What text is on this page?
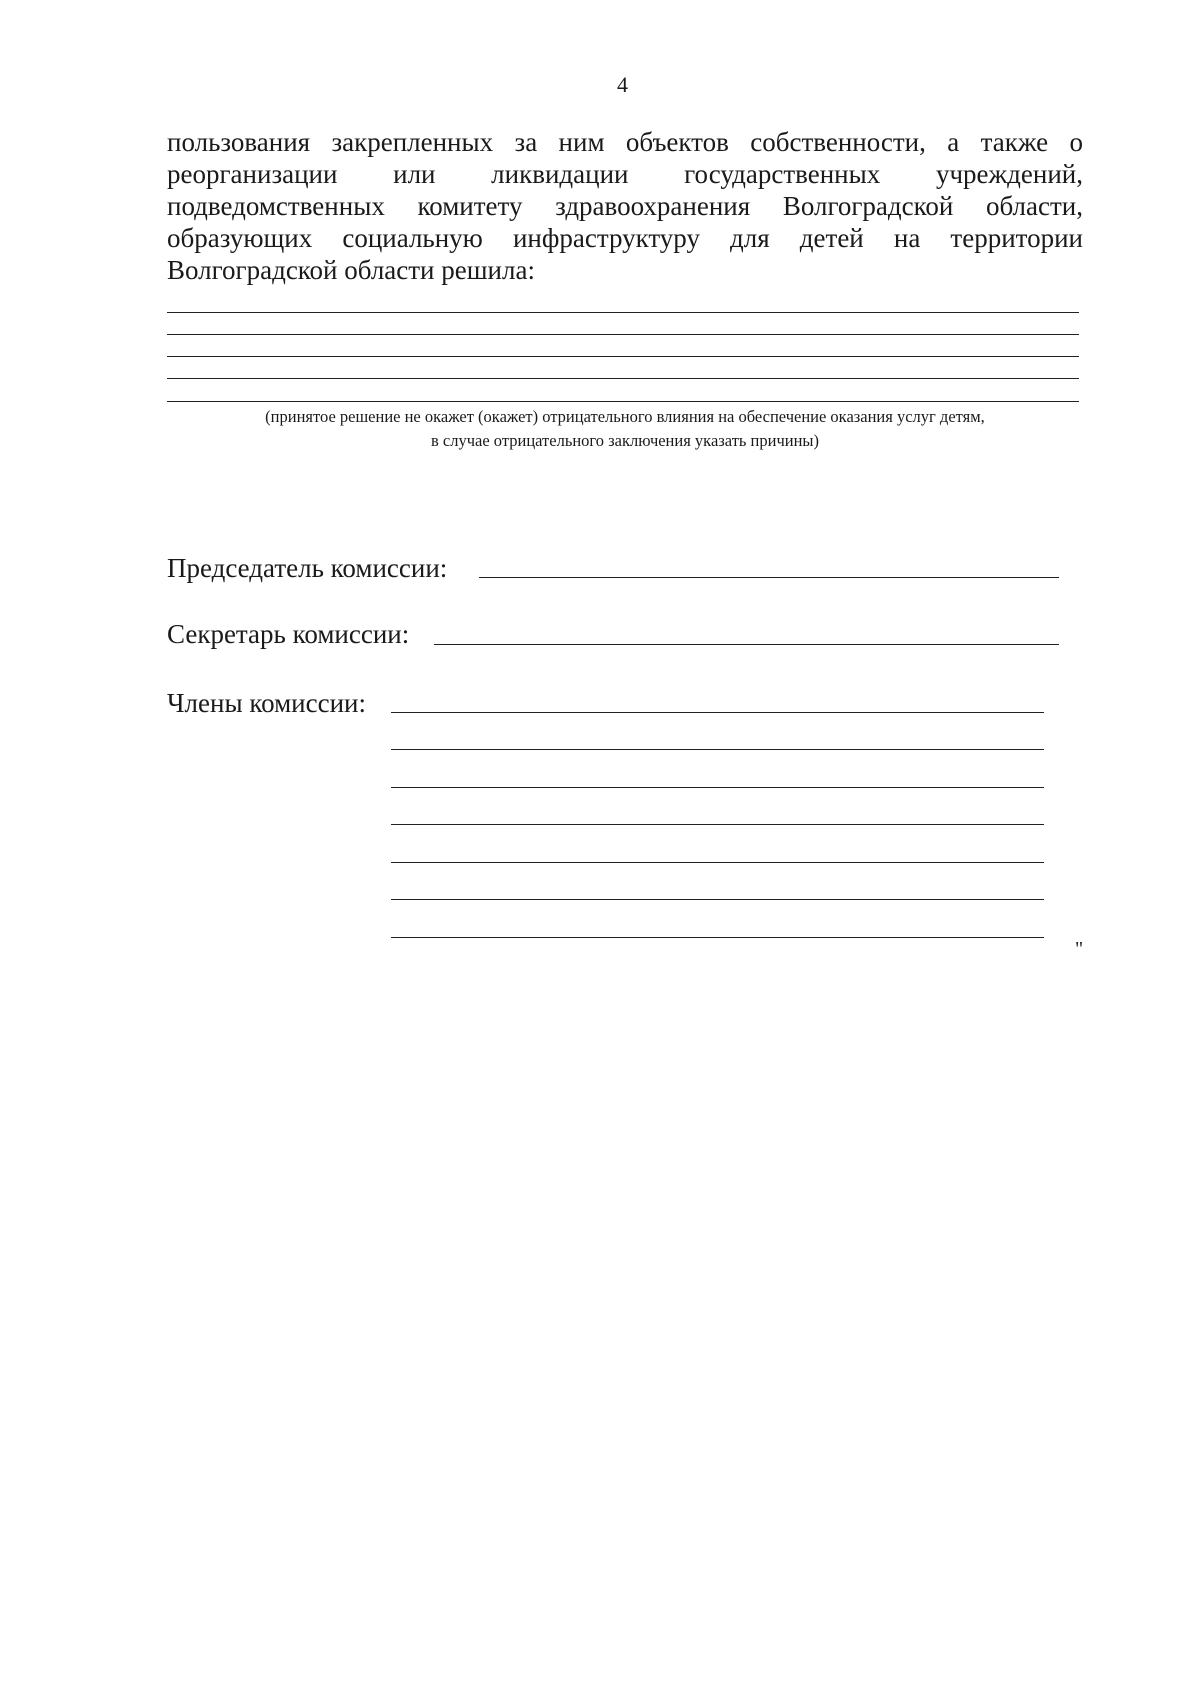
4

пользования закрепленных за ним объектов собственности, а также о реорганизации или ликвидации государственных учреждений, подведомственных комитету здравоохранения Волгоградской области, образующих социальную инфраструктуру для детей на территории Волгоградской области решила:

(принятое решение не окажет (окажет) отрицательного влияния на обеспечение оказания услуг детям,
в случае отрицательного заключения указать причины)
Председатель комиссии:
Секретарь комиссии:
Члены комиссии:
"
